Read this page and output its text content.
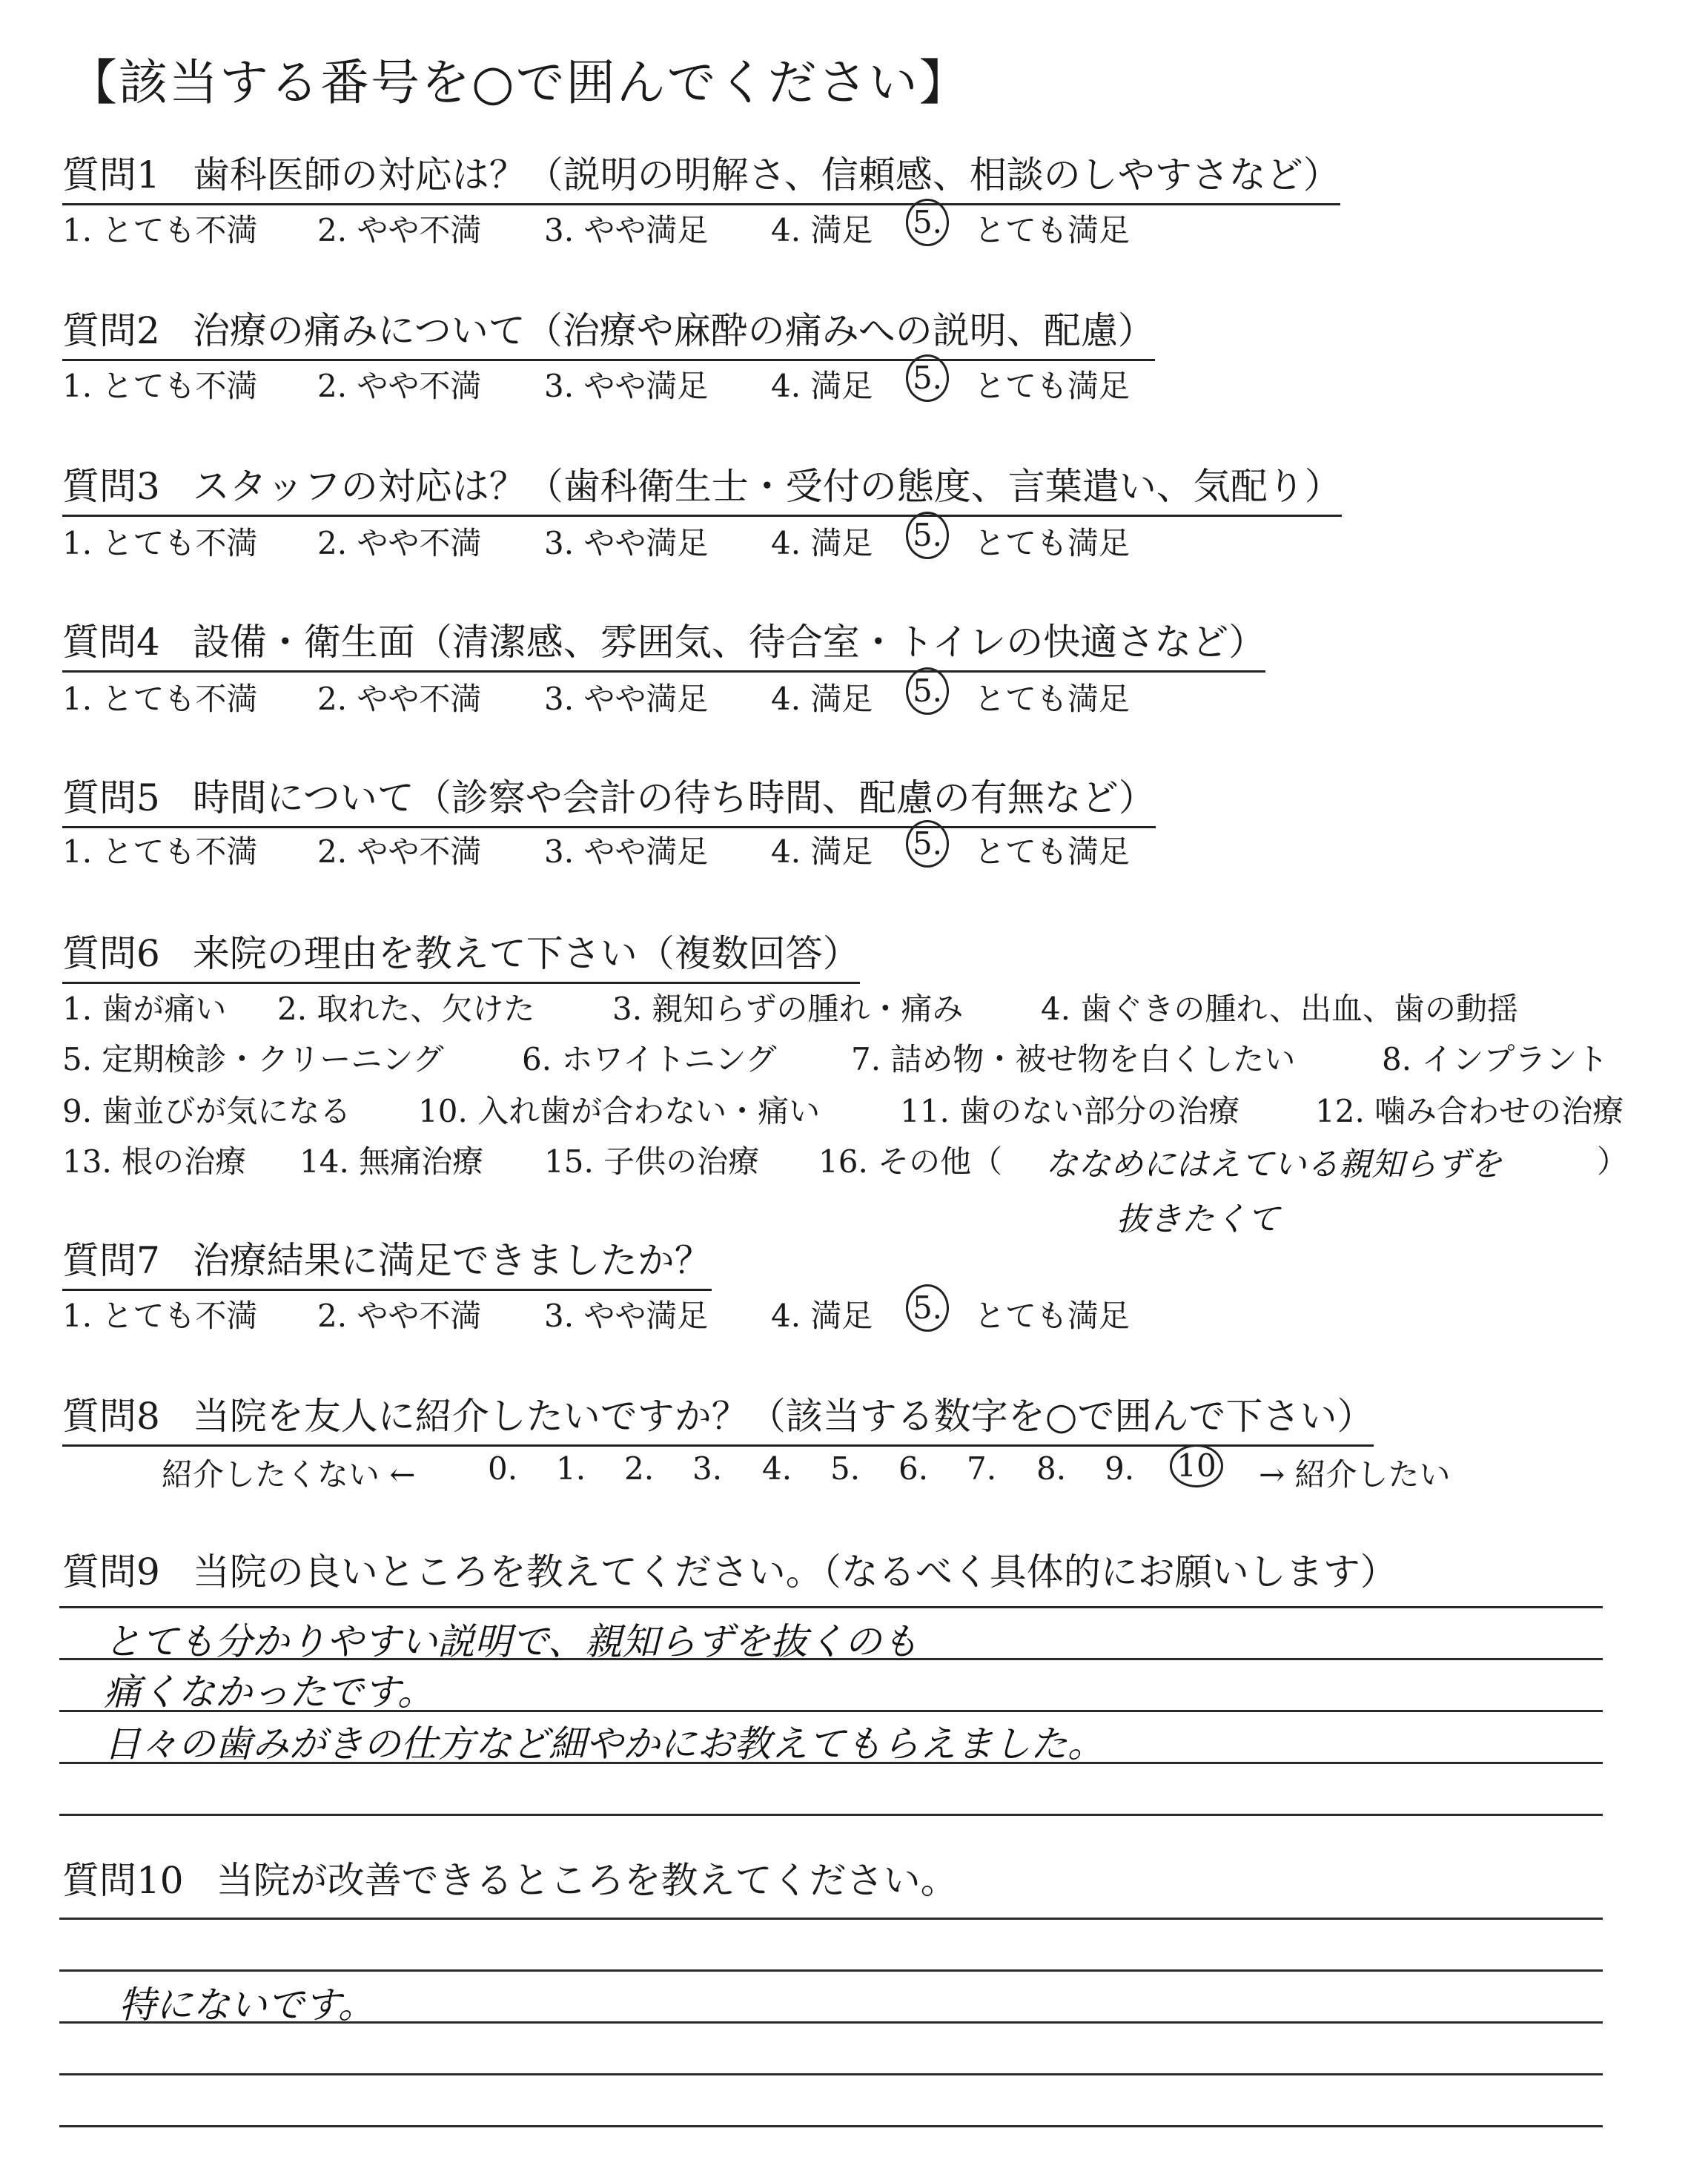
【該当する番号を○で囲んでください】
質問1 歯科医師の対応は？（説明の明解さ、信頼感、相談のしやすさなど）
1. とても不満 2. やや不満 3. やや満足 4. 満足 5. とても満足
質問2 治療の痛みについて（治療や麻酔の痛みへの説明、配慮）
1. とても不満 2. やや不満 3. やや満足 4. 満足 5. とても満足
質問3 スタッフの対応は？（歯科衛生士・受付の態度、言葉遣い、気配り）
1. とても不満 2. やや不満 3. やや満足 4. 満足 5. とても満足
質問4 設備・衛生面（清潔感、雰囲気、待合室・トイレの快適さなど）
1. とても不満 2. やや不満 3. やや満足 4. 満足 5. とても満足
質問5 時間について（診察や会計の待ち時間、配慮の有無など）
1. とても不満 2. やや不満 3. やや満足 4. 満足 5. とても満足
質問6 来院の理由を教えて下さい（複数回答）
1. 歯が痛い 2. 取れた、欠けた 3. 親知らずの腫れ・痛み 4. 歯ぐきの腫れ、出血、歯の動揺
5. 定期検診・クリーニング	6. ホワイトニング 7. 詰め物・被せ物を白くしたい	8. インプラント
9. 歯並びが気になる 10. 入れ歯が合わない・痛い	11. 歯のない部分の治療 12. 噛み合わせの治療
13. 根の治療 14. 無痛治療 15. 子供の治療 16. その他（	）
ななめにはえている親知らずを
抜きたくて
質問7 治療結果に満足できましたか？
1. とても不満 2. やや不満 3. やや満足 4. 満足 5. とても満足
質問8 当院を友人に紹介したいですか？（該当する数字を○で囲んで下さい）
紹介したくない ← 0. 1. 2. 3. 4. 5. 6. 7. 8. 9. 10 → 紹介したい
質問9 当院の良いところを教えてください。（なるべく具体的にお願いします）
とても分かりやすい説明で、親知らずを抜くのも
痛くなかったです。
日々の歯みがきの仕方など細やかにお教えてもらえました。
質問10 当院が改善できるところを教えてください。
特にないです。
